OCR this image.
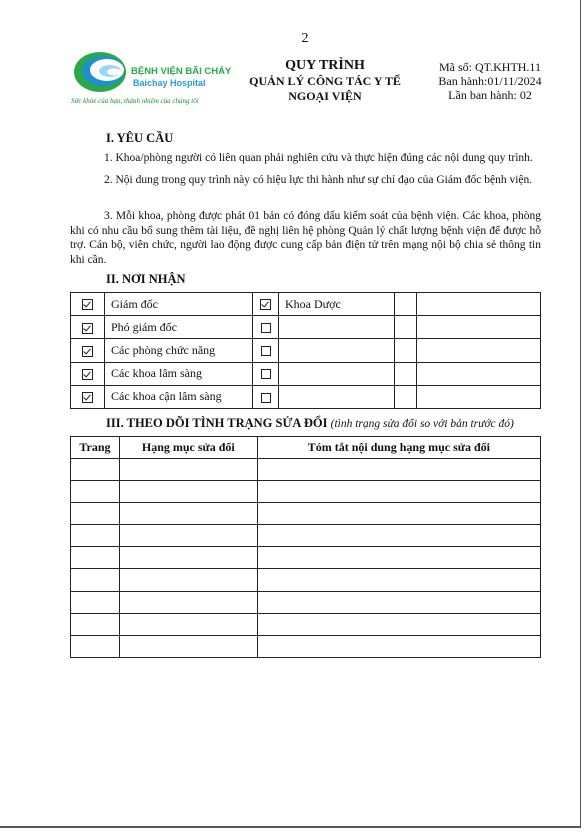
2
BỆNH VIỆN BÃI CHÁY
Baichay Hospital
Sức khỏe của bạn, thành nhiệm của chúng tôi
QUY TRÌNH
QUẢN LÝ CÔNG TÁC Y TẾ
NGOẠI VIỆN
Mã số: QT.KHTH.11
Ban hành:01/11/2024
Lần ban hành: 02
I. YÊU CẦU
1. Khoa/phòng người có liên quan phải nghiên cứu và thực hiện đúng các nội dung quy trình.
2. Nội dung trong quy trình này có hiệu lực thi hành như sự chỉ đạo của Giám đốc bệnh viện.
3. Mỗi khoa, phòng được phát 01 bản có đóng dấu kiểm soát của bệnh viện. Các khoa, phòng khi có nhu cầu bổ sung thêm tài liệu, đề nghị liên hệ phòng Quản lý chất lượng bệnh viện để được hỗ trợ. Cán bộ, viên chức, người lao động được cung cấp bản điện tử trên mạng nội bộ chia sẻ thông tin khi cần.
II. NƠI NHẬN
	Giám đốc		Khoa Dược		
	Phó giám đốc				
	Các phòng chức năng				
	Các khoa lâm sàng				
	Các khoa cận lâm sàng				
III. THEO DÕI TÌNH TRẠNG SỬA ĐỔI (tình trạng sửa đổi so với bản trước đó)
Trang	Hạng mục sửa đổi	Tóm tắt nội dung hạng mục sửa đổi
